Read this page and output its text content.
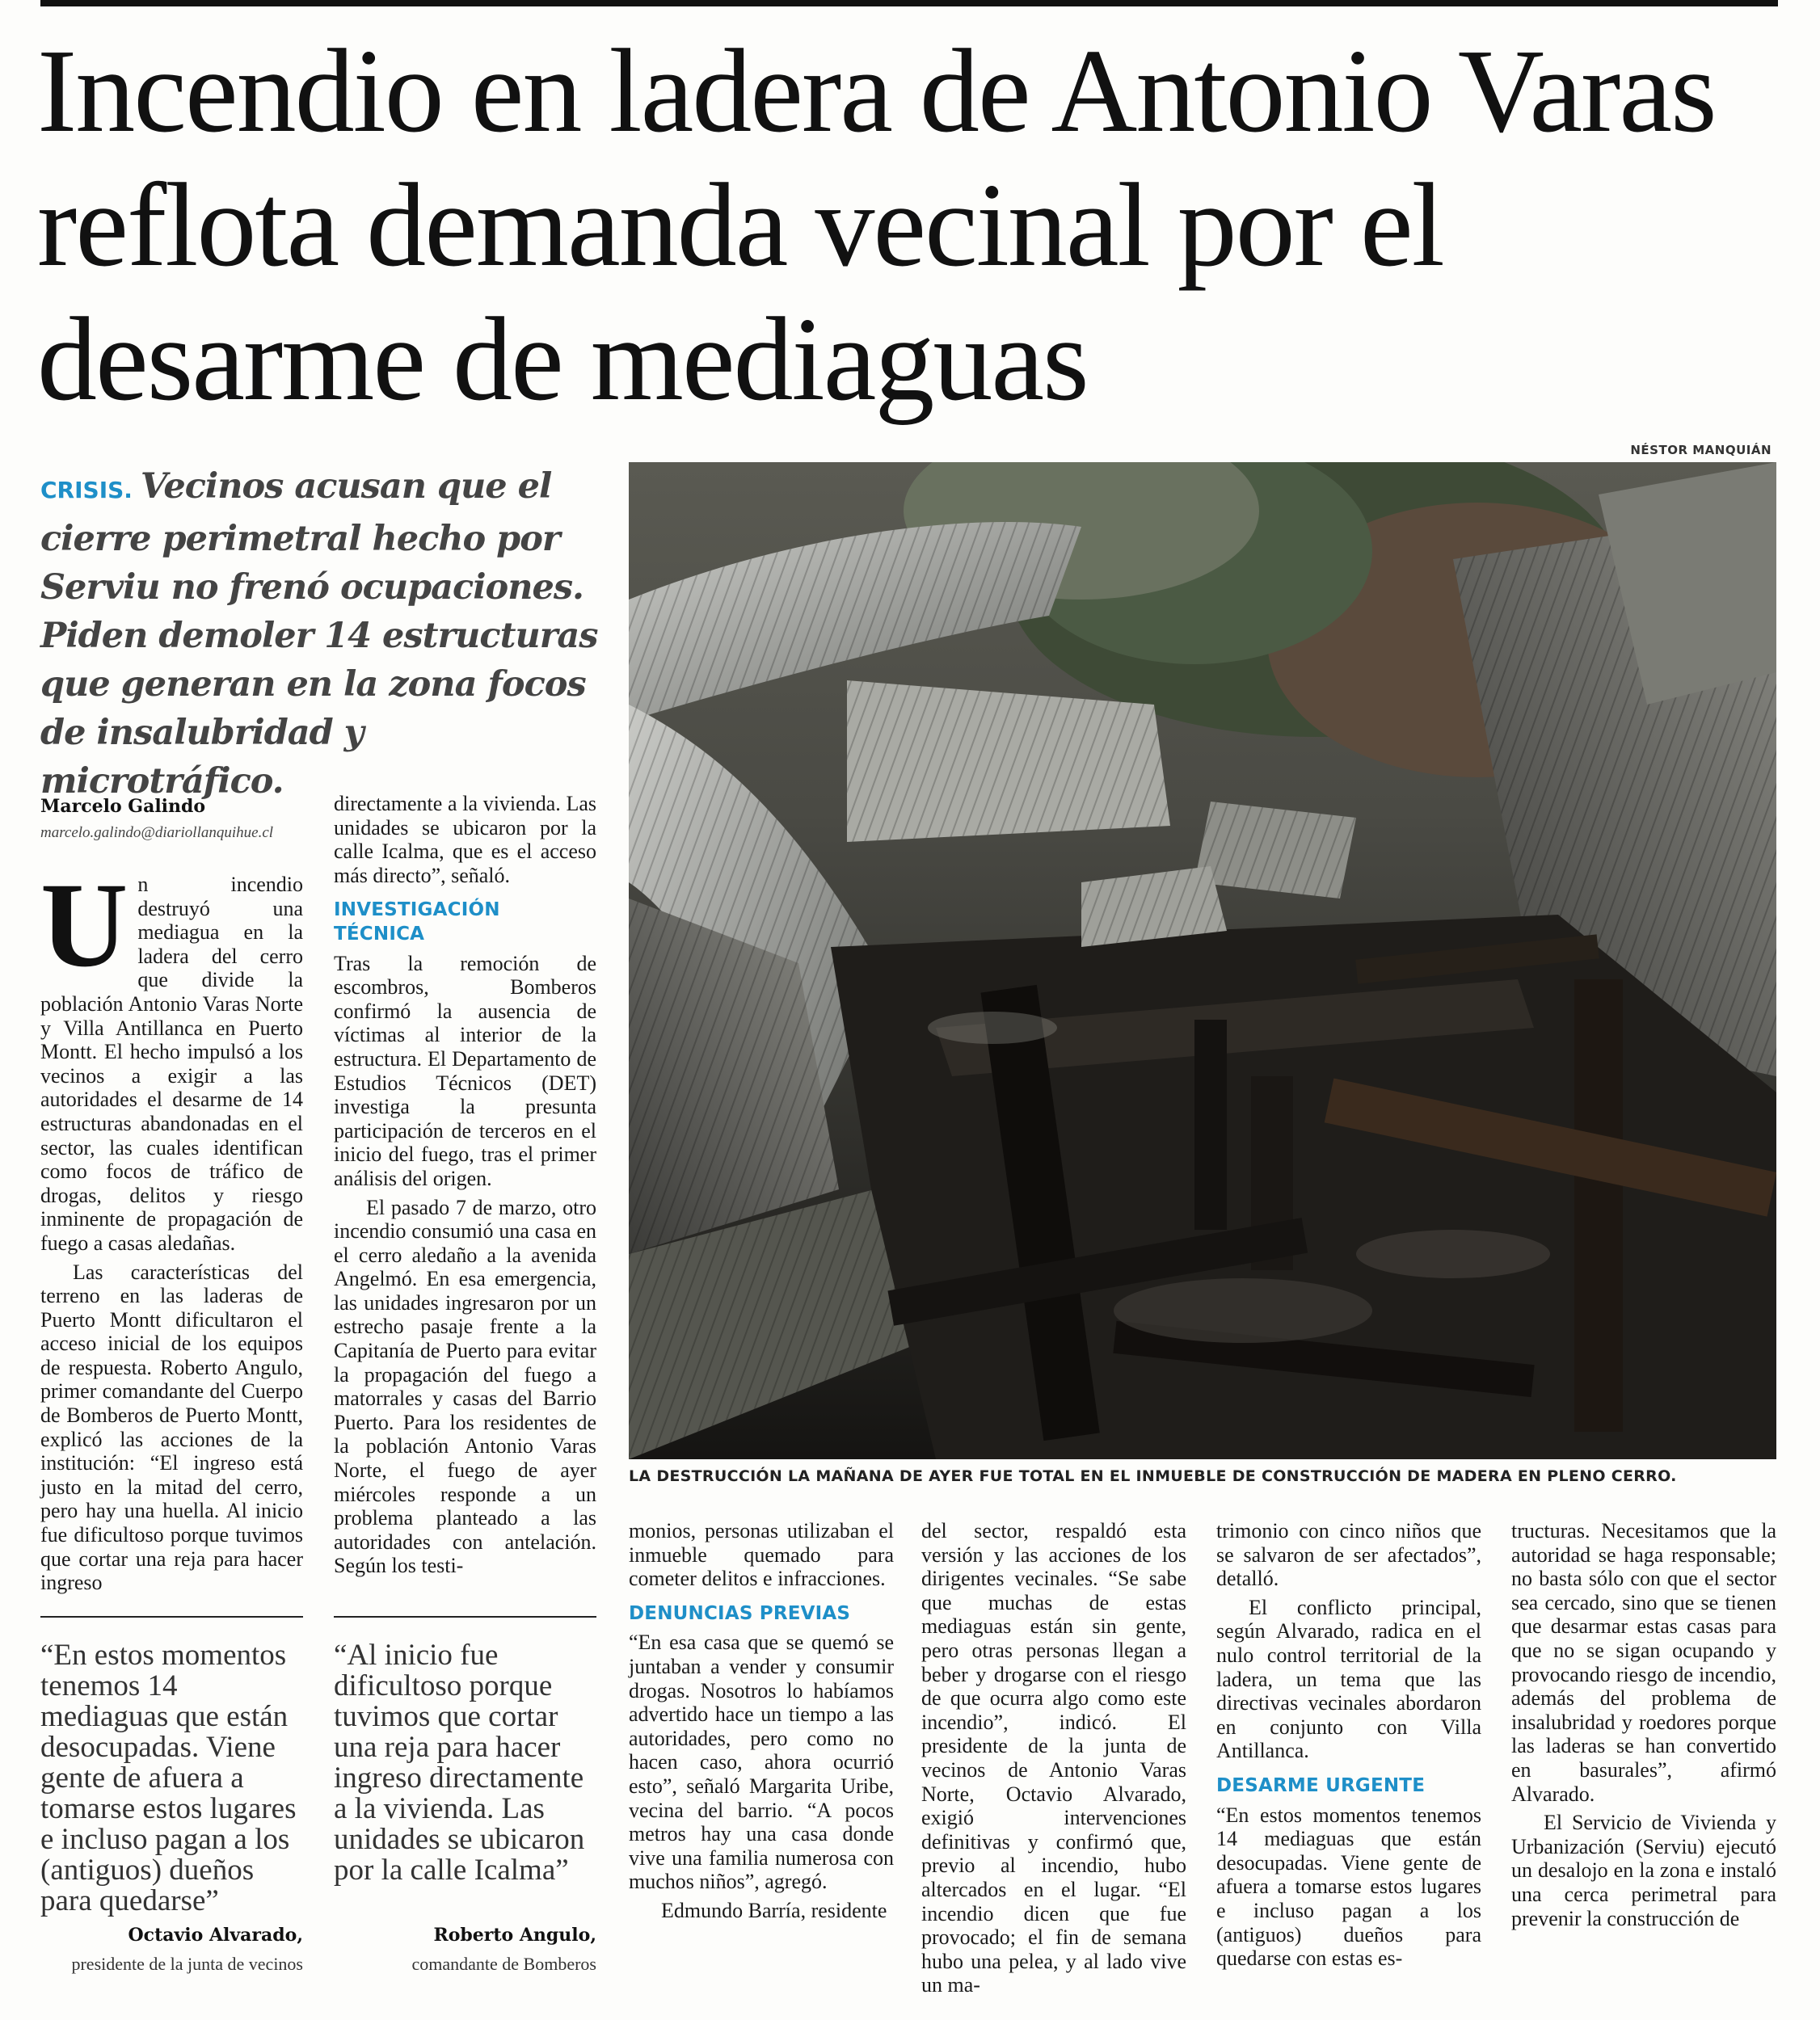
Incendio en ladera de Antonio Varas reflota demanda vecinal por el desarme de mediaguas

CRISIS. Vecinos acusan que el cierre perimetral hecho por Serviu no frenó ocupaciones. Piden demoler 14 estructuras que generan en la zona focos de insalubridad y microtráfico.

NÉSTOR MANQUIÁN
LA DESTRUCCIÓN LA MAÑANA DE AYER FUE TOTAL EN EL INMUEBLE DE CONSTRUCCIÓN DE MADERA EN PLENO CERRO.
Marcelo Galindo
marcelo.galindo@diariollanquihue.cl

Un incendio destruyó una mediagua en la ladera del cerro que divide la población Antonio Varas Norte y Villa Antillanca en Puerto Montt. El hecho impulsó a los vecinos a exigir a las autoridades el desarme de 14 estructuras abandonadas en el sector, las cuales identifican como focos de tráfico de drogas, delitos y riesgo inminente de propagación de fuego a casas aledañas.

Las características del terreno en las laderas de Puerto Montt dificultaron el acceso inicial de los equipos de respuesta. Roberto Angulo, primer comandante del Cuerpo de Bomberos de Puerto Montt, explicó las acciones de la institución: “El ingreso está justo en la mitad del cerro, pero hay una huella. Al inicio fue dificultoso porque tuvimos que cortar una reja para hacer ingreso

directamente a la vivienda. Las unidades se ubicaron por la calle Icalma, que es el acceso más directo”, señaló.

INVESTIGACIÓN TÉCNICA

Tras la remoción de escombros, Bomberos confirmó la ausencia de víctimas al interior de la estructura. El Departamento de Estudios Técnicos (DET) investiga la presunta participación de terceros en el inicio del fuego, tras el primer análisis del origen.

El pasado 7 de marzo, otro incendio consumió una casa en el cerro aledaño a la avenida Angelmó. En esa emergencia, las unidades ingresaron por un estrecho pasaje frente a la Capitanía de Puerto para evitar la propagación del fuego a matorrales y casas del Barrio Puerto. Para los residentes de la población Antonio Varas Norte, el fuego de ayer miércoles responde a un problema planteado a las autoridades con antelación. Según los testi-

monios, personas utilizaban el inmueble quemado para cometer delitos e infracciones.

DENUNCIAS PREVIAS

“En esa casa que se quemó se juntaban a vender y consumir drogas. Nosotros lo habíamos advertido hace un tiempo a las autoridades, pero como no hacen caso, ahora ocurrió esto”, señaló Margarita Uribe, vecina del barrio. “A pocos metros hay una casa donde vive una familia numerosa con muchos niños”, agregó.

Edmundo Barría, residente

del sector, respaldó esta versión y las acciones de los dirigentes vecinales. “Se sabe que muchas de estas mediaguas están sin gente, pero otras personas llegan a beber y drogarse con el riesgo de que ocurra algo como este incendio”, indicó. El presidente de la junta de vecinos de Antonio Varas Norte, Octavio Alvarado, exigió intervenciones definitivas y confirmó que, previo al incendio, hubo altercados en el lugar. “El incendio dicen que fue provocado; el fin de semana hubo una pelea, y al lado vive un ma-

trimonio con cinco niños que se salvaron de ser afectados”, detalló.

El conflicto principal, según Alvarado, radica en el nulo control territorial de la ladera, un tema que las directivas vecinales abordaron en conjunto con Villa Antillanca.

DESARME URGENTE

“En estos momentos tenemos 14 mediaguas que están desocupadas. Viene gente de afuera a tomarse estos lugares e incluso pagan a los (antiguos) dueños para quedarse con estas es-

tructuras. Necesitamos que la autoridad se haga responsable; no basta sólo con que el sector sea cercado, sino que se tienen que desarmar estas casas para que no se sigan ocupando y provocando riesgo de incendio, además del problema de insalubridad y roedores porque las laderas se han convertido en basurales”, afirmó Alvarado.

El Servicio de Vivienda y Urbanización (Serviu) ejecutó un desalojo en la zona e instaló una cerca perimetral para prevenir la construcción de

“En estos momentos tenemos 14 mediaguas que están desocupadas. Viene gente de afuera a tomarse estos lugares e incluso pagan a los (antiguos) dueños para quedarse”

Octavio Alvarado,
presidente de la junta de vecinos

“Al inicio fue dificultoso porque tuvimos que cortar una reja para hacer ingreso directamente a la vivienda. Las unidades se ubicaron por la calle Icalma”

Roberto Angulo,
comandante de Bomberos
